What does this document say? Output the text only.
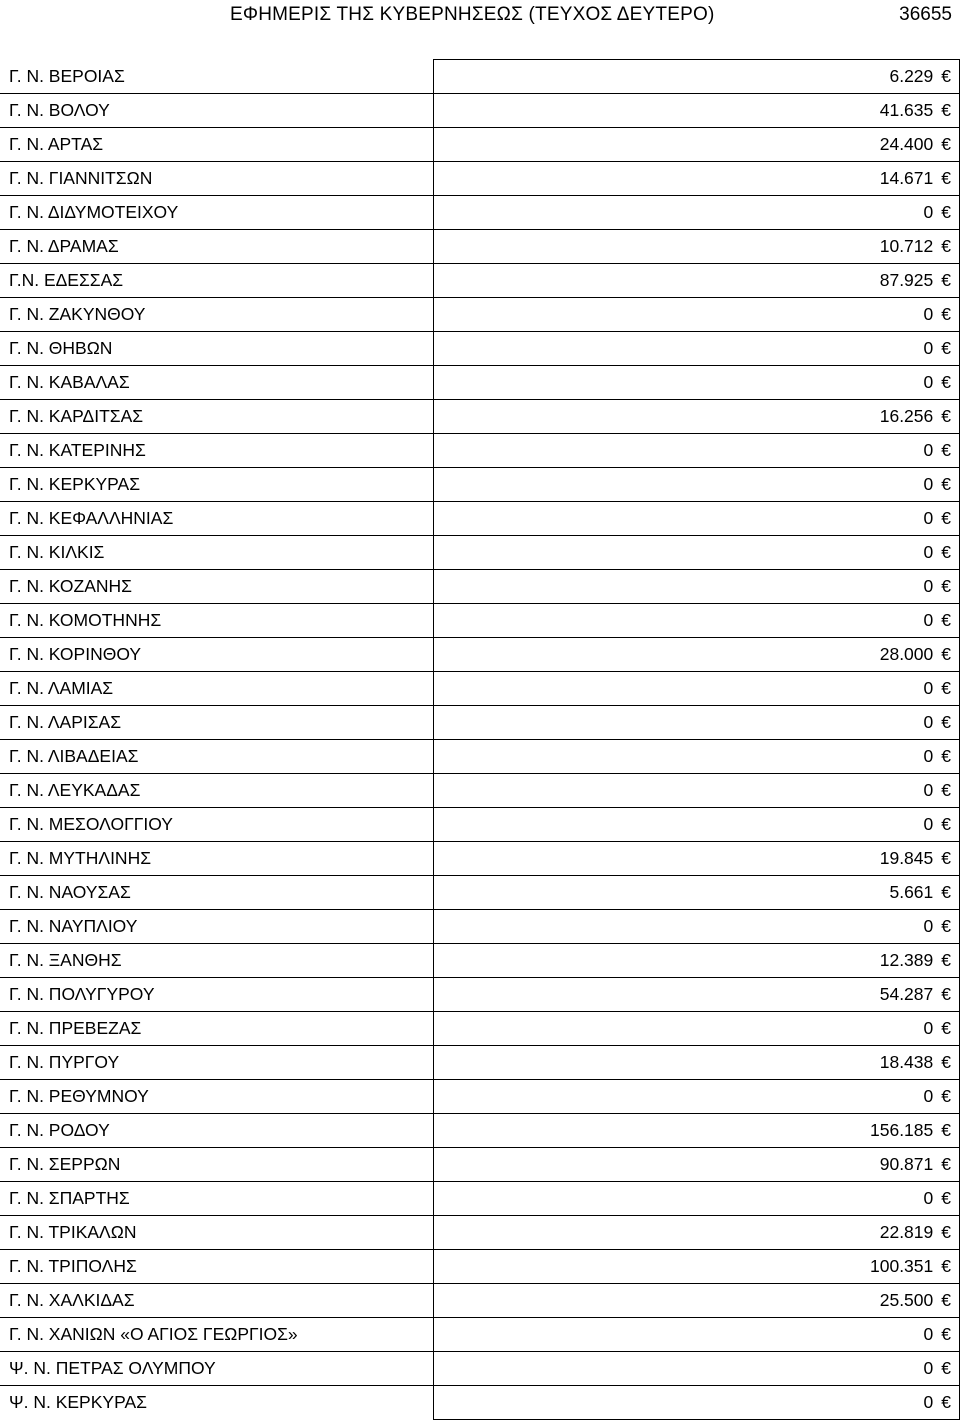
ΕΦΗΜΕΡΙΣ ΤΗΣ ΚΥΒΕΡΝΗΣΕΩΣ (ΤΕΥΧΟΣ ΔΕΥΤΕΡΟ)	36655
Γ. Ν. ΒΕΡΟΙΑΣ	6.229 €
Γ. Ν. ΒΟΛΟΥ	41.635 €
Γ. Ν. ΑΡΤΑΣ	24.400 €
Γ. Ν. ΓΙΑΝΝΙΤΣΩΝ	14.671 €
Γ. Ν. ΔΙΔΥΜΟΤΕΙΧΟΥ	0 €
Γ. Ν. ΔΡΑΜΑΣ	10.712 €
Γ.Ν. ΕΔΕΣΣΑΣ	87.925 €
Γ. Ν. ΖΑΚΥΝΘΟΥ	0 €
Γ. Ν. ΘΗΒΩΝ	0 €
Γ. Ν. ΚΑΒΑΛΑΣ	0 €
Γ. Ν. ΚΑΡΔΙΤΣΑΣ	16.256 €
Γ. Ν. ΚΑΤΕΡΙΝΗΣ	0 €
Γ. Ν. ΚΕΡΚΥΡΑΣ	0 €
Γ. Ν. ΚΕΦΑΛΛΗΝΙΑΣ	0 €
Γ. Ν. ΚΙΛΚΙΣ	0 €
Γ. Ν. ΚΟΖΑΝΗΣ	0 €
Γ. Ν. ΚΟΜΟΤΗΝΗΣ	0 €
Γ. Ν. ΚΟΡΙΝΘΟΥ	28.000 €
Γ. Ν. ΛΑΜΙΑΣ	0 €
Γ. Ν. ΛΑΡΙΣΑΣ	0 €
Γ. Ν. ΛΙΒΑΔΕΙΑΣ	0 €
Γ. Ν. ΛΕΥΚΑΔΑΣ	0 €
Γ. Ν. ΜΕΣΟΛΟΓΓΙΟΥ	0 €
Γ. Ν. ΜΥΤΗΛΙΝΗΣ	19.845 €
Γ. Ν. ΝΑΟΥΣΑΣ	5.661 €
Γ. Ν. ΝΑΥΠΛΙΟΥ	0 €
Γ. Ν. ΞΑΝΘΗΣ	12.389 €
Γ. Ν. ΠΟΛΥΓΥΡΟΥ	54.287 €
Γ. Ν. ΠΡΕΒΕΖΑΣ	0 €
Γ. Ν. ΠΥΡΓΟΥ	18.438 €
Γ. Ν. ΡΕΘΥΜΝΟΥ	0 €
Γ. Ν. ΡΟΔΟΥ	156.185 €
Γ. Ν. ΣΕΡΡΩΝ	90.871 €
Γ. Ν. ΣΠΑΡΤΗΣ	0 €
Γ. Ν. ΤΡΙΚΑΛΩΝ	22.819 €
Γ. Ν. ΤΡΙΠΟΛΗΣ	100.351 €
Γ. Ν. ΧΑΛΚΙΔΑΣ	25.500 €
Γ. Ν. ΧΑΝΙΩΝ «Ο ΑΓΙΟΣ ΓΕΩΡΓΙΟΣ»	0 €
Ψ. Ν. ΠΕΤΡΑΣ ΟΛΥΜΠΟΥ	0 €
Ψ. Ν. ΚΕΡΚΥΡΑΣ	0 €
